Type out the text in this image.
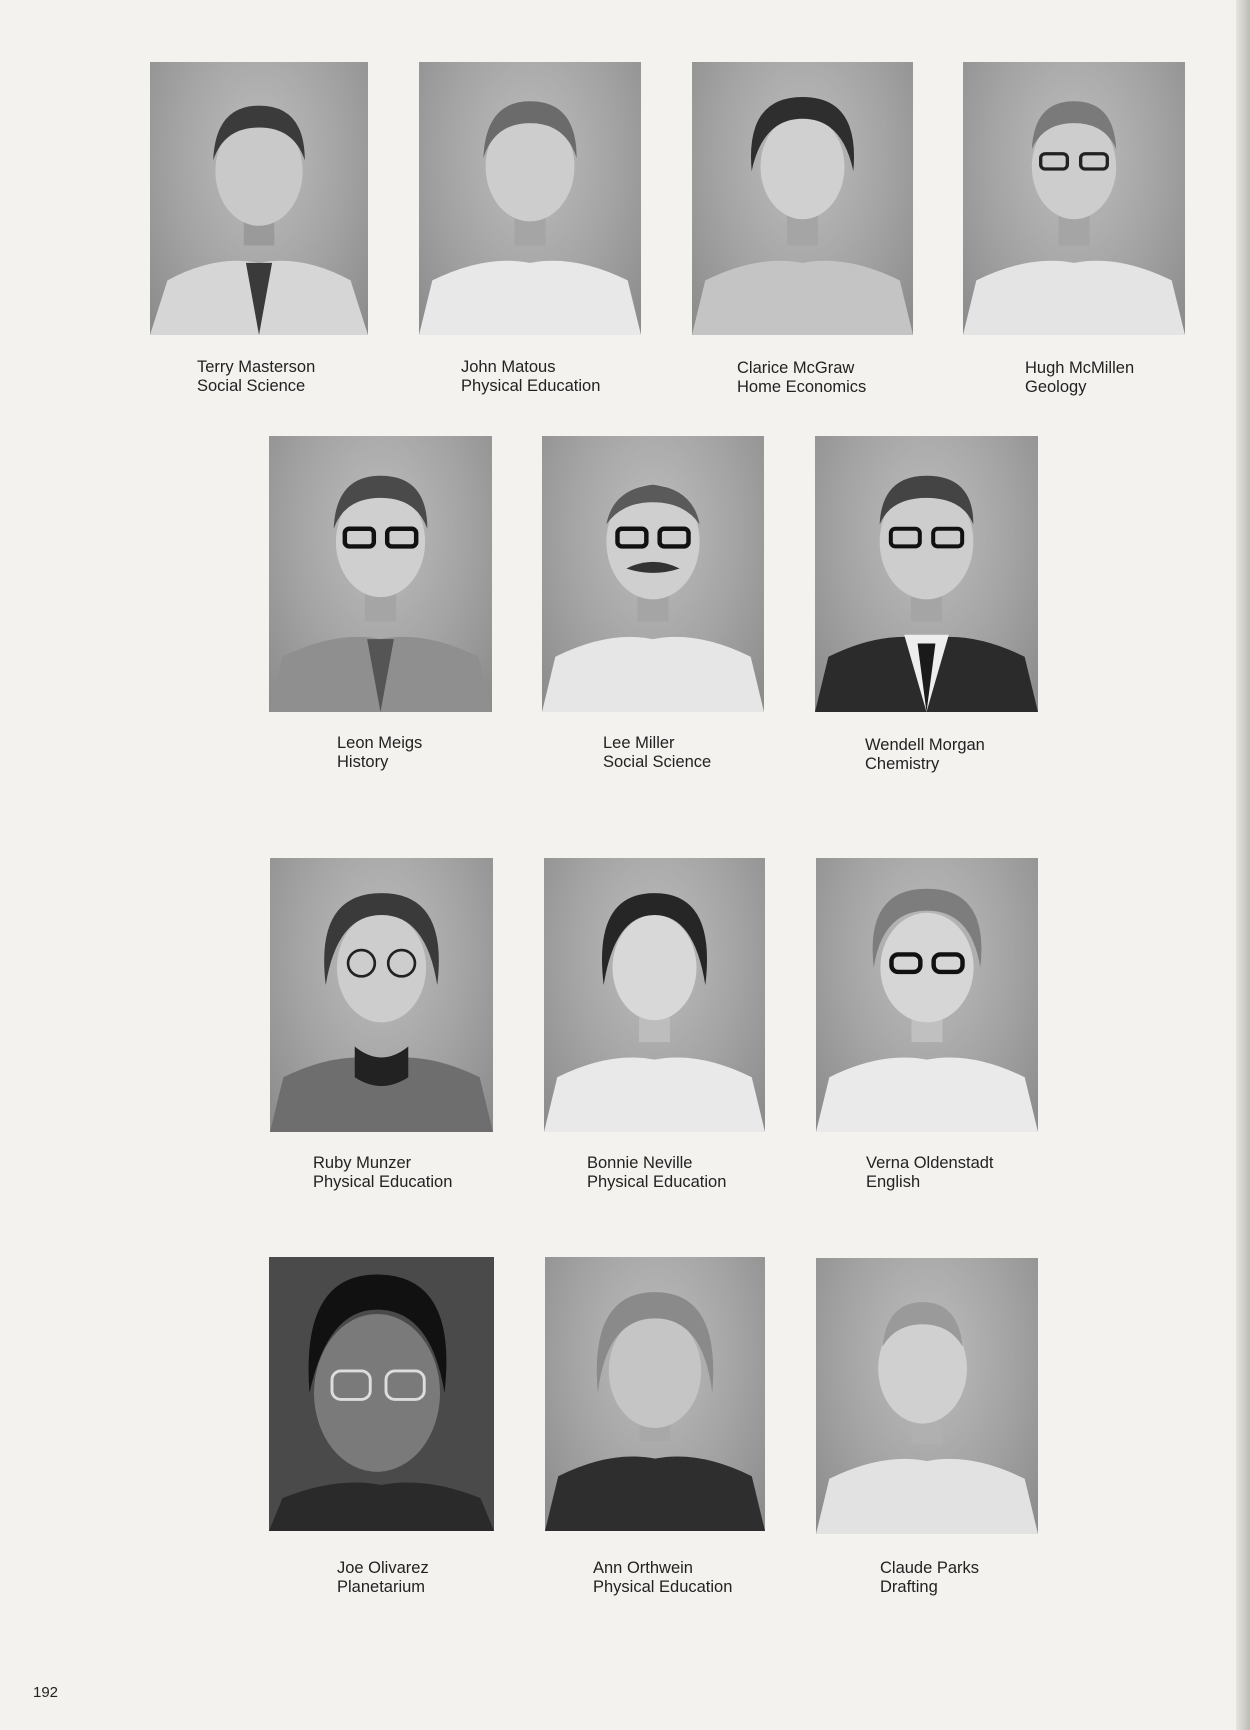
Terry Masterson
Social Science
John Matous
Physical Education
Clarice McGraw
Home Economics
Hugh McMillen
Geology
Leon Meigs
History
Lee Miller
Social Science
Wendell Morgan
Chemistry
Ruby Munzer
Physical Education
Bonnie Neville
Physical Education
Verna Oldenstadt
English
Joe Olivarez
Planetarium
Ann Orthwein
Physical Education
Claude Parks
Drafting
192
